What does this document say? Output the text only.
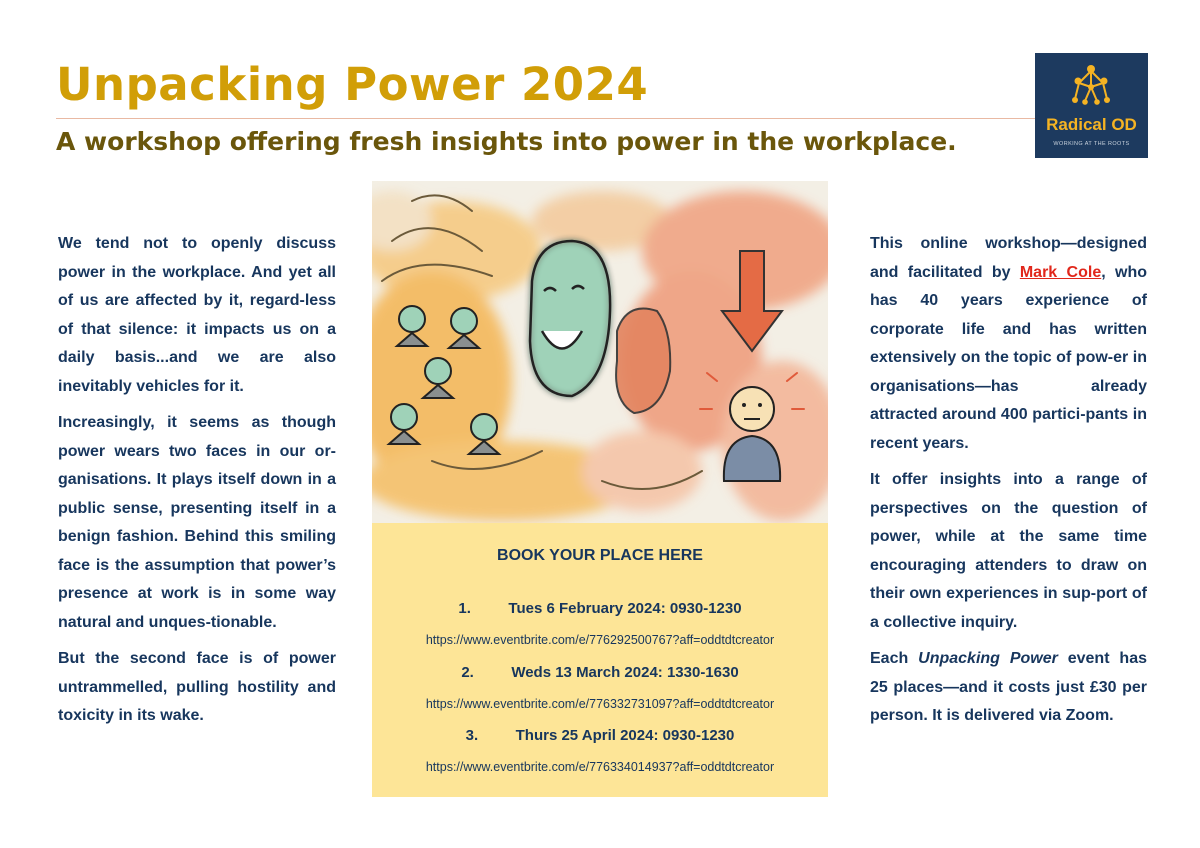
Unpacking Power 2024
A workshop offering fresh insights into power in the workplace.
Radical OD
WORKING AT THE ROOTS

We tend not to openly discuss power in the workplace. And yet all of us are affected by it, regard-less of that silence: it impacts us on a daily basis...and we are also inevitably vehicles for it.

Increasingly, it seems as though power wears two faces in our or-ganisations. It plays itself down in a public sense, presenting itself in a benign fashion. Behind this smiling face is the assumption that power’s presence at work is in some way natural and unques-tionable.

But the second face is of power untrammelled, pulling hostility and toxicity in its wake.

BOOK YOUR PLACE HERE
1. Tues 6 February 2024: 0930-1230
https://www.eventbrite.com/e/776292500767?aff=oddtdtcreator
2. Weds 13 March 2024: 1330-1630
https://www.eventbrite.com/e/776332731097?aff=oddtdtcreator
3. Thurs 25 April 2024: 0930-1230
https://www.eventbrite.com/e/776334014937?aff=oddtdtcreator

This online workshop—designed and facilitated by Mark Cole, who has 40 years experience of corporate life and has written extensively on the topic of pow-er in organisations—has already attracted around 400 partici-pants in recent years.

It offer insights into a range of perspectives on the question of power, while at the same time encouraging attenders to draw on their own experiences in sup-port of a collective inquiry.

Each Unpacking Power event has 25 places—and it costs just £30 per person. It is delivered via Zoom.
